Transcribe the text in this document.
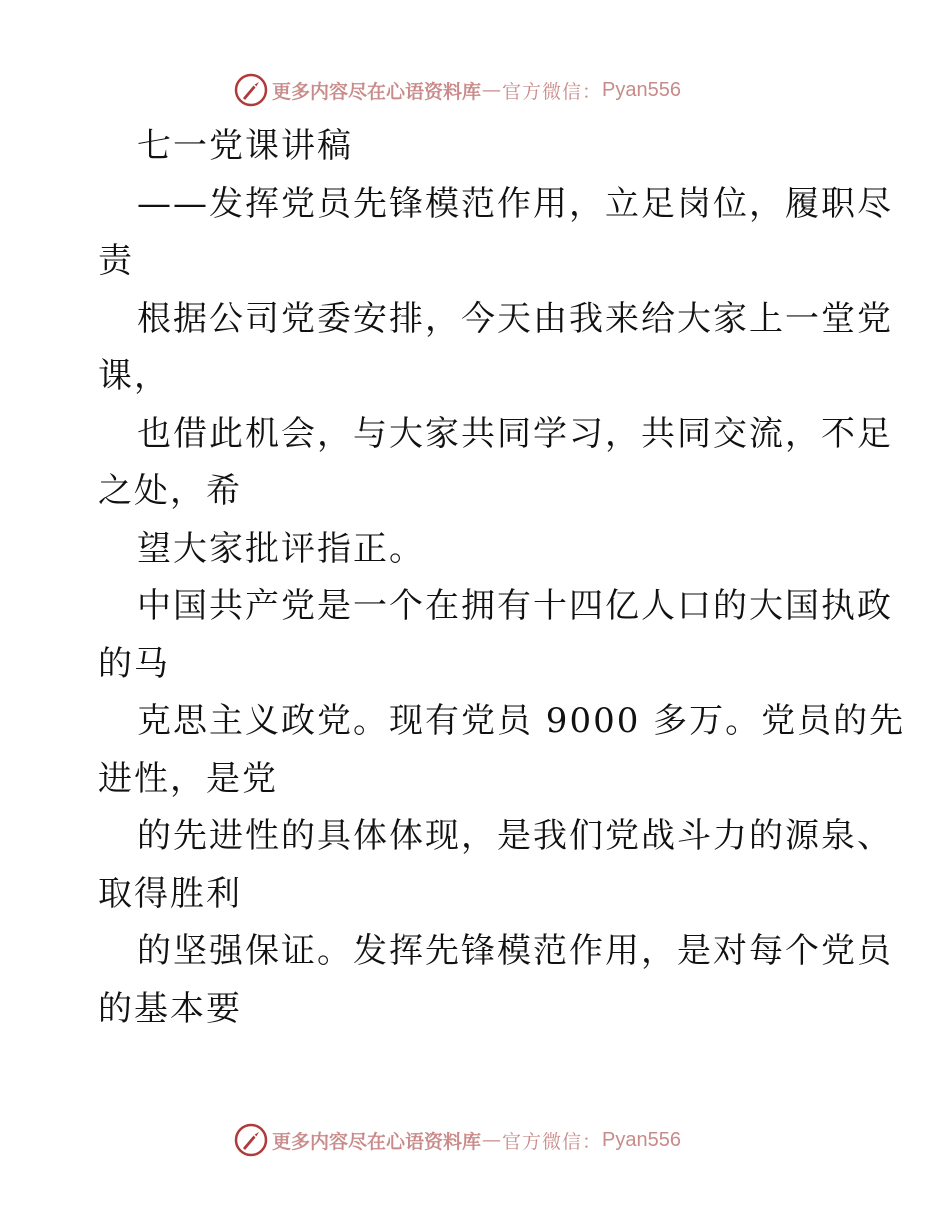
更多内容尽在心语资料库 — 官方微信： Pyan556
七一党课讲稿
——发挥党员先锋模范作用，立足岗位，履职尽
责
根据公司党委安排，今天由我来给大家上一堂党
课，
也借此机会，与大家共同学习，共同交流，不足
之处，希
望大家批评指正。
中国共产党是一个在拥有十四亿人口的大国执政
的马
克思主义政党。现有党员 9000 多万。党员的先
进性，是党
的先进性的具体体现，是我们党战斗力的源泉、
取得胜利
的坚强保证。发挥先锋模范作用，是对每个党员
的基本要
更多内容尽在心语资料库 — 官方微信： Pyan556
